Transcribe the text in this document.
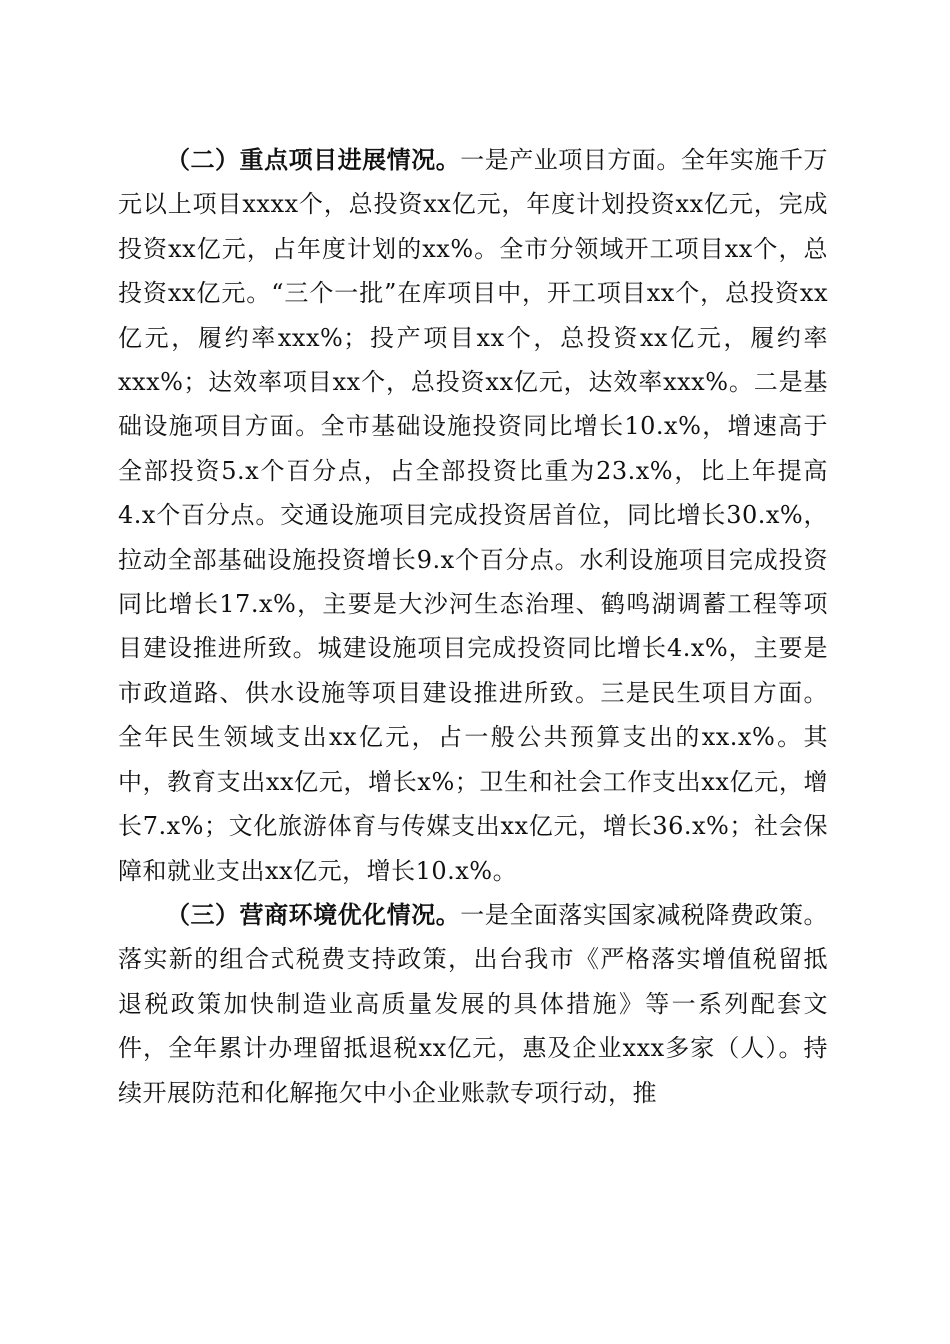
（二）重点项目进展情况。一是产业项目方面。全年实施千万元以上项目xxxx个，总投资xx亿元，年度计划投资xx亿元，完成投资xx亿元，占年度计划的xx%。全市分领域开工项目xx个，总投资xx亿元。“三个一批”在库项目中，开工项目xx个，总投资xx亿元，履约率xxx%；投产项目xx个，总投资xx亿元，履约率xxx%；达效率项目xx个，总投资xx亿元，达效率xxx%。二是基础设施项目方面。全市基础设施投资同比增长10.x%，增速高于全部投资5.x个百分点，占全部投资比重为23.x%，比上年提高4.x个百分点。交通设施项目完成投资居首位，同比增长30.x%，拉动全部基础设施投资增长9.x个百分点。水利设施项目完成投资同比增长17.x%，主要是大沙河生态治理、鹤鸣湖调蓄工程等项目建设推进所致。城建设施项目完成投资同比增长4.x%，主要是市政道路、供水设施等项目建设推进所致。三是民生项目方面。全年民生领域支出xx亿元，占一般公共预算支出的xx.x%。其中，教育支出xx亿元，增长x%；卫生和社会工作支出xx亿元，增长7.x%；文化旅游体育与传媒支出xx亿元，增长36.x%；社会保障和就业支出xx亿元，增长10.x%。

（三）营商环境优化情况。一是全面落实国家减税降费政策。落实新的组合式税费支持政策，出台我市《严格落实增值税留抵退税政策加快制造业高质量发展的具体措施》等一系列配套文件，全年累计办理留抵退税xx亿元，惠及企业xxx多家（人）。持续开展防范和化解拖欠中小企业账款专项行动，推
